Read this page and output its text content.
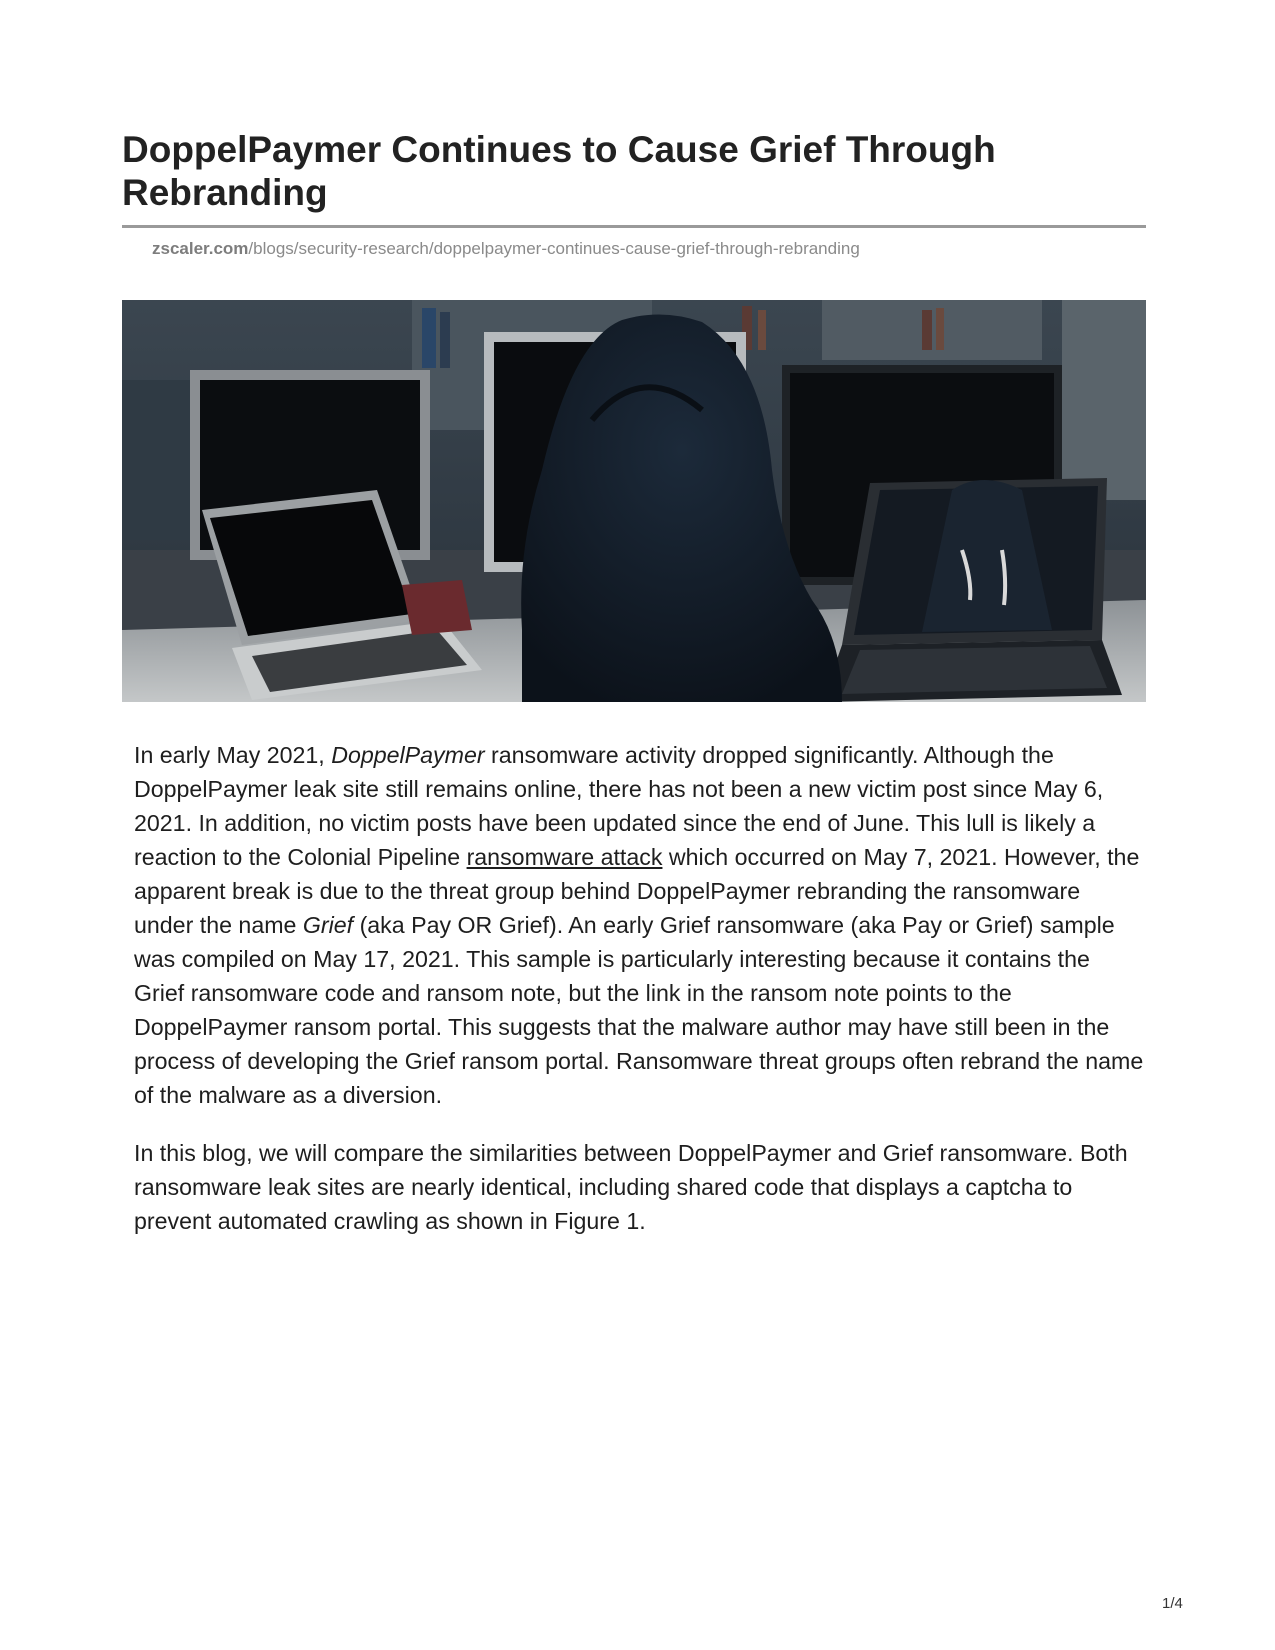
DoppelPaymer Continues to Cause Grief Through Rebranding
zscaler.com/blogs/security-research/doppelpaymer-continues-cause-grief-through-rebranding

In early May 2021, DoppelPaymer ransomware activity dropped significantly. Although the DoppelPaymer leak site still remains online, there has not been a new victim post since May 6, 2021. In addition, no victim posts have been updated since the end of June. This lull is likely a reaction to the Colonial Pipeline ransomware attack which occurred on May 7, 2021. However, the apparent break is due to the threat group behind DoppelPaymer rebranding the ransomware under the name Grief (aka Pay OR Grief). An early Grief ransomware (aka Pay or Grief) sample was compiled on May 17, 2021. This sample is particularly interesting because it contains the Grief ransomware code and ransom note, but the link in the ransom note points to the DoppelPaymer ransom portal. This suggests that the malware author may have still been in the process of developing the Grief ransom portal. Ransomware threat groups often rebrand the name of the malware as a diversion.

In this blog, we will compare the similarities between DoppelPaymer and Grief ransomware. Both ransomware leak sites are nearly identical, including shared code that displays a captcha to prevent automated crawling as shown in Figure 1.

1/4
